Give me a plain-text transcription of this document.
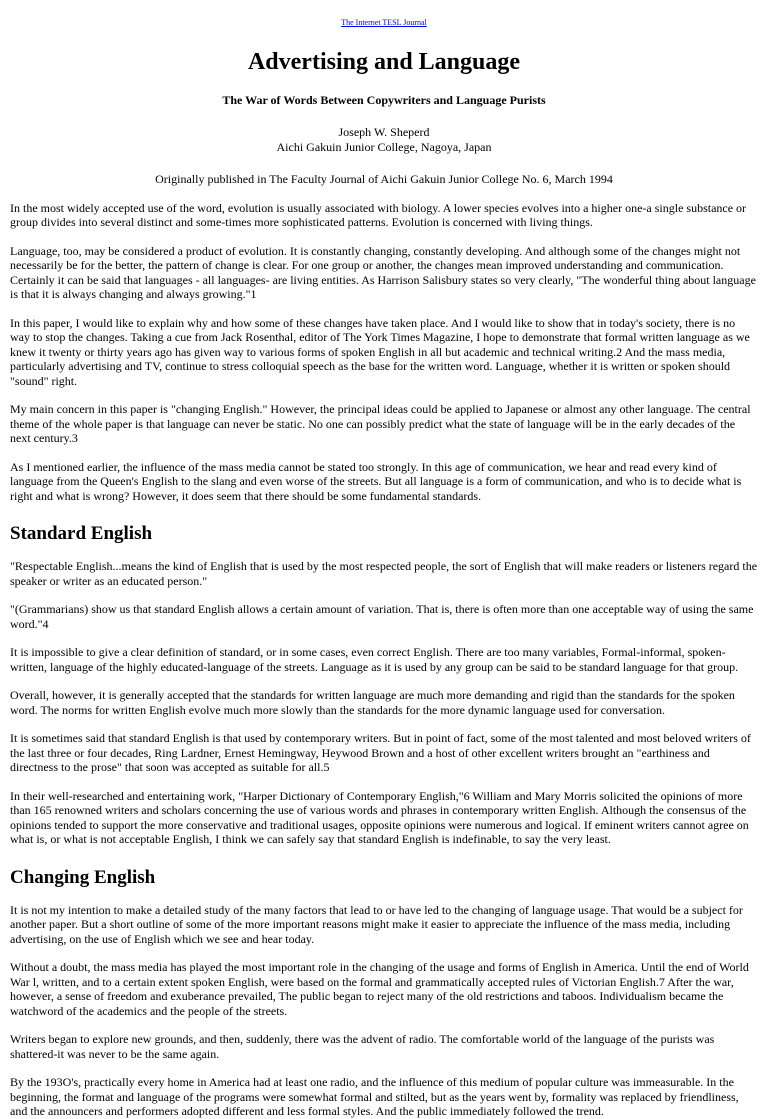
The Internet TESL Journal
Advertising and Language
The War of Words Between Copywriters and Language Purists
Joseph W. Sheperd
Aichi Gakuin Junior College, Nagoya, Japan
Originally published in The Faculty Journal of Aichi Gakuin Junior College No. 6, March 1994

In the most widely accepted use of the word, evolution is usually associated with biology. A lower species evolves into a higher one-a single substance or group divides into several distinct and some-times more sophisticated patterns. Evolution is concerned with living things.

Language, too, may be considered a product of evolution. It is constantly changing, constantly developing. And although some of the changes might not necessarily be for the better, the pattern of change is clear. For one group or another, the changes mean improved understanding and communication. Certainly it can be said that languages - all languages- are living entities. As Harrison Salisbury states so very clearly, "The wonderful thing about language is that it is always changing and always growing."1

In this paper, I would like to explain why and how some of these changes have taken place. And I would like to show that in today's society, there is no way to stop the changes. Taking a cue from Jack Rosenthal, editor of The York Times Magazine, I hope to demonstrate that formal written language as we knew it twenty or thirty years ago has given way to various forms of spoken English in all but academic and technical writing.2 And the mass media, particularly advertising and TV, continue to stress colloquial speech as the base for the written word. Language, whether it is written or spoken should "sound" right.

My main concern in this paper is "changing English." However, the principal ideas could be applied to Japanese or almost any other language. The central theme of the whole paper is that language can never be static. No one can possibly predict what the state of language will be in the early decades of the next century.3

As I mentioned earlier, the influence of the mass media cannot be stated too strongly. In this age of communication, we hear and read every kind of language from the Queen's English to the slang and even worse of the streets. But all language is a form of communication, and who is to decide what is right and what is wrong? However, it does seem that there should be some fundamental standards.

Standard English

"Respectable English...means the kind of English that is used by the most respected people, the sort of English that will make readers or listeners regard the speaker or writer as an educated person."

"(Grammarians) show us that standard English allows a certain amount of variation. That is, there is often more than one acceptable way of using the same word."4

It is impossible to give a clear definition of standard, or in some cases, even correct English. There are too many variables, Formal-informal, spoken-written, language of the highly educated-language of the streets. Language as it is used by any group can be said to be standard language for that group.

Overall, however, it is generally accepted that the standards for written language are much more demanding and rigid than the standards for the spoken word. The norms for written English evolve much more slowly than the standards for the more dynamic language used for conversation.

It is sometimes said that standard English is that used by contemporary writers. But in point of fact, some of the most talented and most beloved writers of the last three or four decades, Ring Lardner, Ernest Hemingway, Heywood Brown and a host of other excellent writers brought an "earthiness and directness to the prose" that soon was accepted as suitable for all.5

In their well-researched and entertaining work, "Harper Dictionary of Contemporary English,"6 William and Mary Morris solicited the opinions of more than 165 renowned writers and scholars concerning the use of various words and phrases in contemporary written English. Although the consensus of the opinions tended to support the more conservative and traditional usages, opposite opinions were numerous and logical. If eminent writers cannot agree on what is, or what is not acceptable English, I think we can safely say that standard English is indefinable, to say the very least.

Changing English

It is not my intention to make a detailed study of the many factors that lead to or have led to the changing of language usage. That would be a subject for another paper. But a short outline of some of the more important reasons might make it easier to appreciate the influence of the mass media, including advertising, on the use of English which we see and hear today.

Without a doubt, the mass media has played the most important role in the changing of the usage and forms of English in America. Until the end of World War l, written, and to a certain extent spoken English, were based on the formal and grammatically accepted rules of Victorian English.7 After the war, however, a sense of freedom and exuberance prevailed, The public began to reject many of the old restrictions and taboos. Individualism became the watchword of the academics and the people of the streets.

Writers began to explore new grounds, and then, suddenly, there was the advent of radio. The comfortable world of the language of the purists was shattered-it was never to be the same again.

By the 193O's, practically every home in America had at least one radio, and the influence of this medium of popular culture was immeasurable. In the beginning, the format and language of the programs were somewhat formal and stilted, but as the years went by, formality was replaced by friendliness, and the announcers and performers adopted different and less formal styles. And the public immediately followed the trend.
